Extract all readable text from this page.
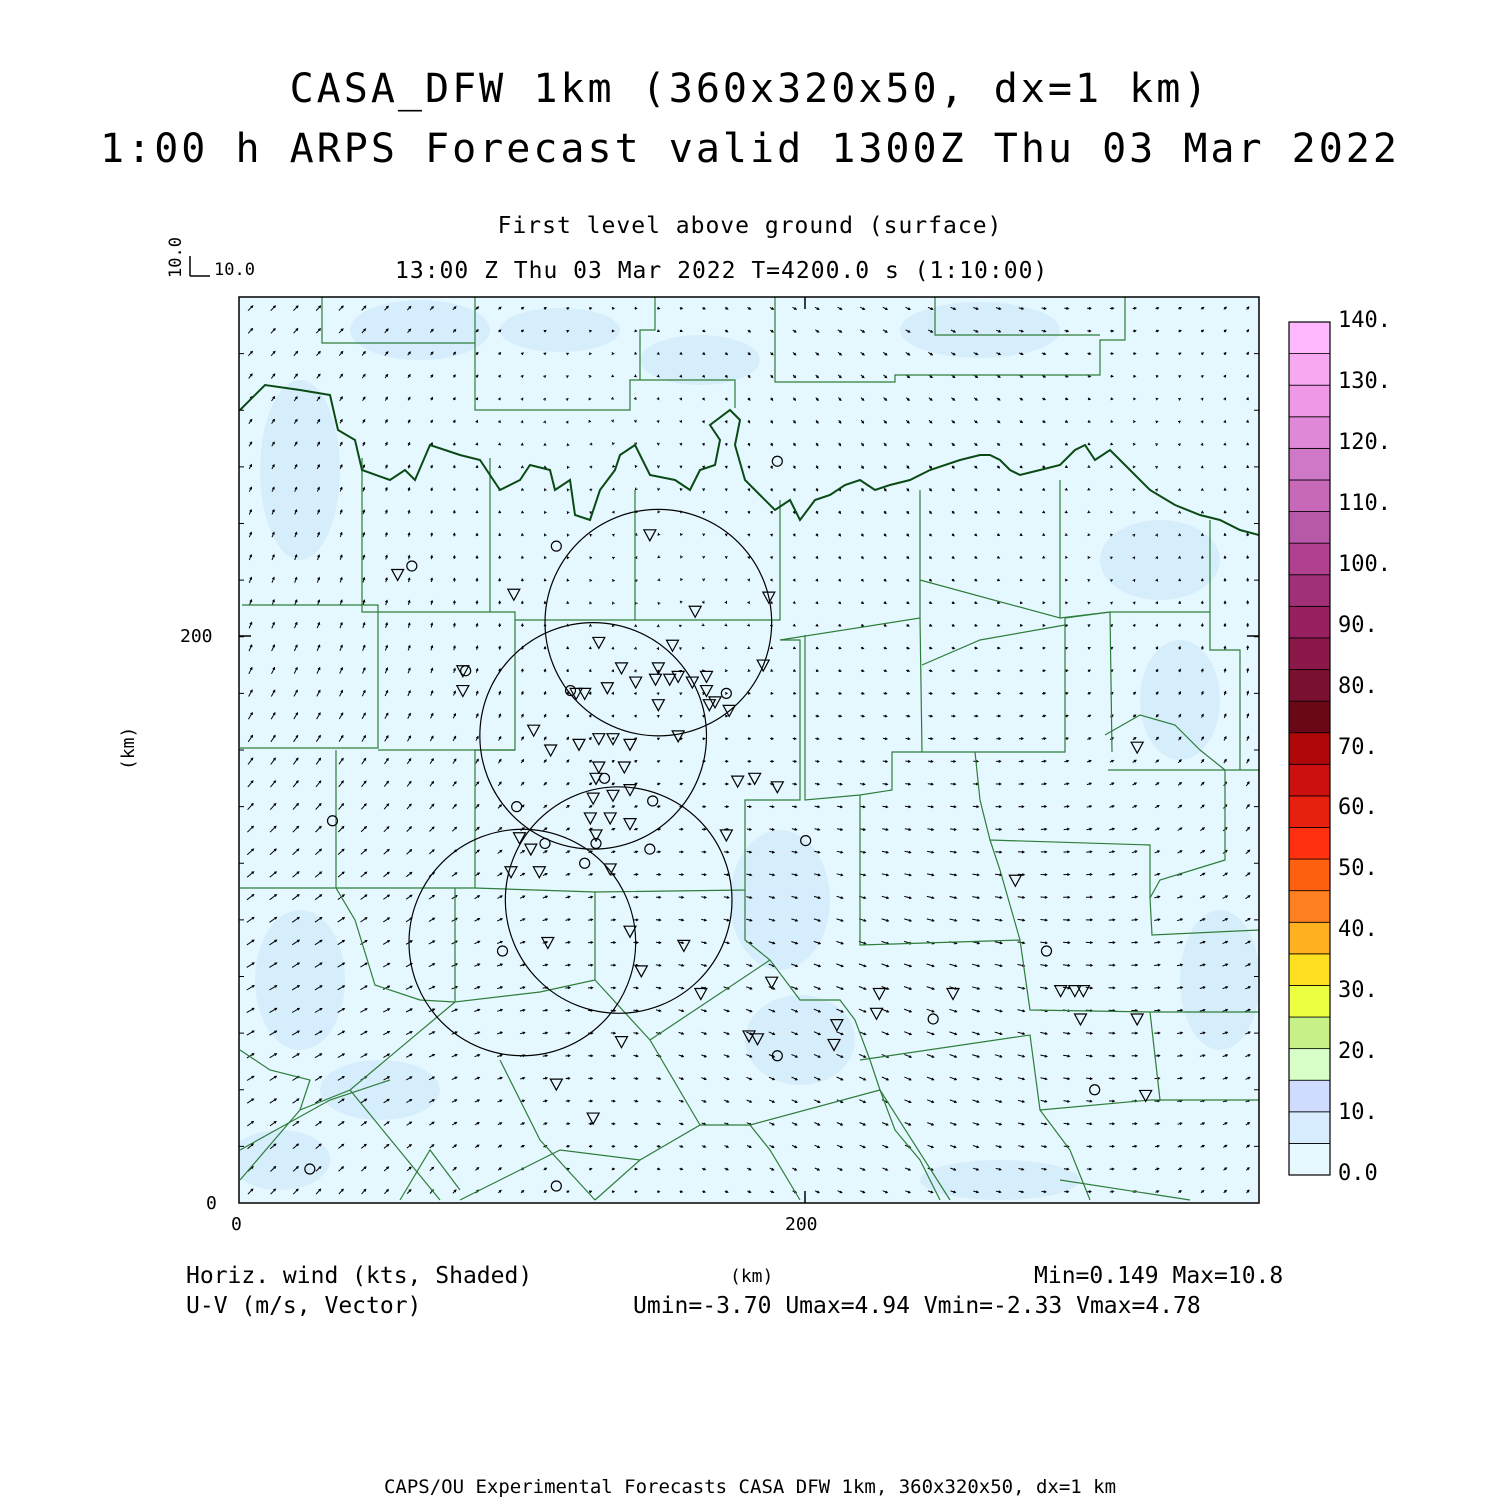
CASA_DFW 1km (360x320x50, dx=1 km)
1:00 h ARPS Forecast valid 1300Z Thu 03 Mar 2022
First level above ground (surface)
13:00 Z Thu 03 Mar 2022 T=4200.0 s (1:10:00)
10.0 10.0
0
200
0	200
(km)
(km)
Horiz. wind (kts, Shaded)
U-V (m/s, Vector)
Min=0.149 Max=10.8
Umin=-3.70 Umax=4.94 Vmin=-2.33 Vmax=4.78
CAPS/OU Experimental Forecasts CASA DFW 1km, 360x320x50, dx=1 km
0.0
10.
20.
30.
40.
50.
60.
70.
80.
90.
100.
110.
120.
130.
140.
